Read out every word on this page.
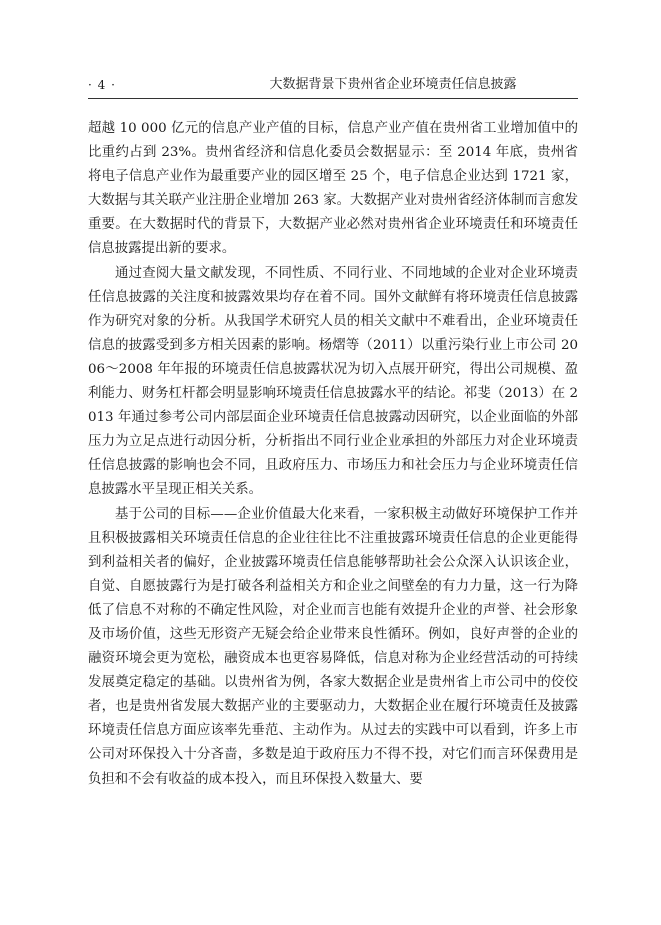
· 4 ·	大数据背景下贵州省企业环境责任信息披露

超越 10 000 亿元的信息产业产值的目标，信息产业产值在贵州省工业增加值中的比重约占到 23%。贵州省经济和信息化委员会数据显示：至 2014 年底，贵州省将电子信息产业作为最重要产业的园区增至 25 个，电子信息企业达到 1721 家，大数据与其关联产业注册企业增加 263 家。大数据产业对贵州省经济体制而言愈发重要。在大数据时代的背景下，大数据产业必然对贵州省企业环境责任和环境责任信息披露提出新的要求。

通过查阅大量文献发现，不同性质、不同行业、不同地域的企业对企业环境责任信息披露的关注度和披露效果均存在着不同。国外文献鲜有将环境责任信息披露作为研究对象的分析。从我国学术研究人员的相关文献中不难看出，企业环境责任信息的披露受到多方相关因素的影响。杨熠等（2011）以重污染行业上市公司 2006～2008 年年报的环境责任信息披露状况为切入点展开研究，得出公司规模、盈利能力、财务杠杆都会明显影响环境责任信息披露水平的结论。祁斐（2013）在 2013 年通过参考公司内部层面企业环境责任信息披露动因研究，以企业面临的外部压力为立足点进行动因分析，分析指出不同行业企业承担的外部压力对企业环境责任信息披露的影响也会不同，且政府压力、市场压力和社会压力与企业环境责任信息披露水平呈现正相关关系。

基于公司的目标——企业价值最大化来看，一家积极主动做好环境保护工作并且积极披露相关环境责任信息的企业往往比不注重披露环境责任信息的企业更能得到利益相关者的偏好，企业披露环境责任信息能够帮助社会公众深入认识该企业，自觉、自愿披露行为是打破各利益相关方和企业之间壁垒的有力力量，这一行为降低了信息不对称的不确定性风险，对企业而言也能有效提升企业的声誉、社会形象及市场价值，这些无形资产无疑会给企业带来良性循环。例如，良好声誉的企业的融资环境会更为宽松，融资成本也更容易降低，信息对称为企业经营活动的可持续发展奠定稳定的基础。以贵州省为例，各家大数据企业是贵州省上市公司中的佼佼者，也是贵州省发展大数据产业的主要驱动力，大数据企业在履行环境责任及披露环境责任信息方面应该率先垂范、主动作为。从过去的实践中可以看到，许多上市公司对环保投入十分吝啬，多数是迫于政府压力不得不投，对它们而言环保费用是负担和不会有收益的成本投入，而且环保投入数量大、要
